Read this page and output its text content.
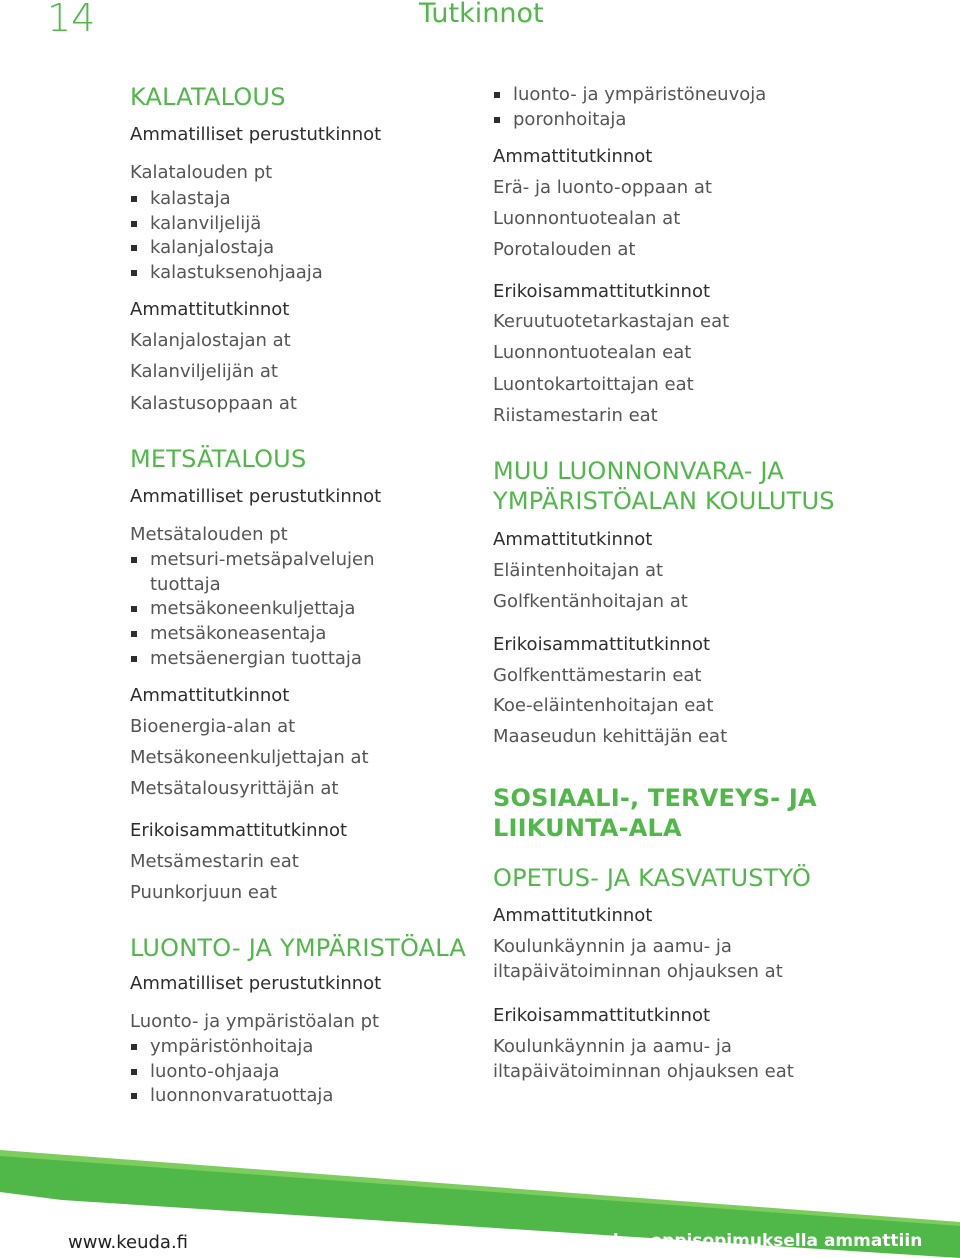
14	Tutkinnot
KALATALOUS
Ammatilliset perustutkinnot
Kalatalouden pt
kalastaja
kalanviljelijä
kalanjalostaja
kalastuksenohjaaja
Ammattitutkinnot
Kalanjalostajan at
Kalanviljelijän at
Kalastusoppaan at
METSÄTALOUS
Ammatilliset perustutkinnot
Metsätalouden pt
metsuri-metsäpalvelujen
tuottaja
metsäkoneenkuljettaja
metsäkoneasentaja
metsäenergian tuottaja
Ammattitutkinnot
Bioenergia-alan at
Metsäkoneenkuljettajan at
Metsätalousyrittäjän at
Erikoisammattitutkinnot
Metsämestarin eat
Puunkorjuun eat
LUONTO- JA YMPÄRISTÖALA
Ammatilliset perustutkinnot
Luonto- ja ympäristöalan pt
ympäristönhoitaja
luonto-ohjaaja
luonnonvaratuottaja
luonto- ja ympäristöneuvoja
poronhoitaja
Ammattitutkinnot
Erä- ja luonto-oppaan at
Luonnontuotealan at
Porotalouden at
Erikoisammattitutkinnot
Keruutuotetarkastajan eat
Luonnontuotealan eat
Luontokartoittajan eat
Riistamestarin eat
MUU LUONNONVARA- JA
YMPÄRISTÖALAN KOULUTUS
Ammattitutkinnot
Eläintenhoitajan at
Golfkentänhoitajan at
Erikoisammattitutkinnot
Golfkenttämestarin eat
Koe-eläintenhoitajan eat
Maaseudun kehittäjän eat
SOSIAALI-, TERVEYS- JA
LIIKUNTA-ALA
OPETUS- JA KASVATUSTYÖ
Ammattitutkinnot
Koulunkäynnin ja aamu- ja
iltapäivätoiminnan ohjauksen at
Erikoisammattitutkinnot
Koulunkäynnin ja aamu- ja
iltapäivätoiminnan ohjauksen eat
www.keuda.fi	Keuda – oppisopimuksella ammattiin
